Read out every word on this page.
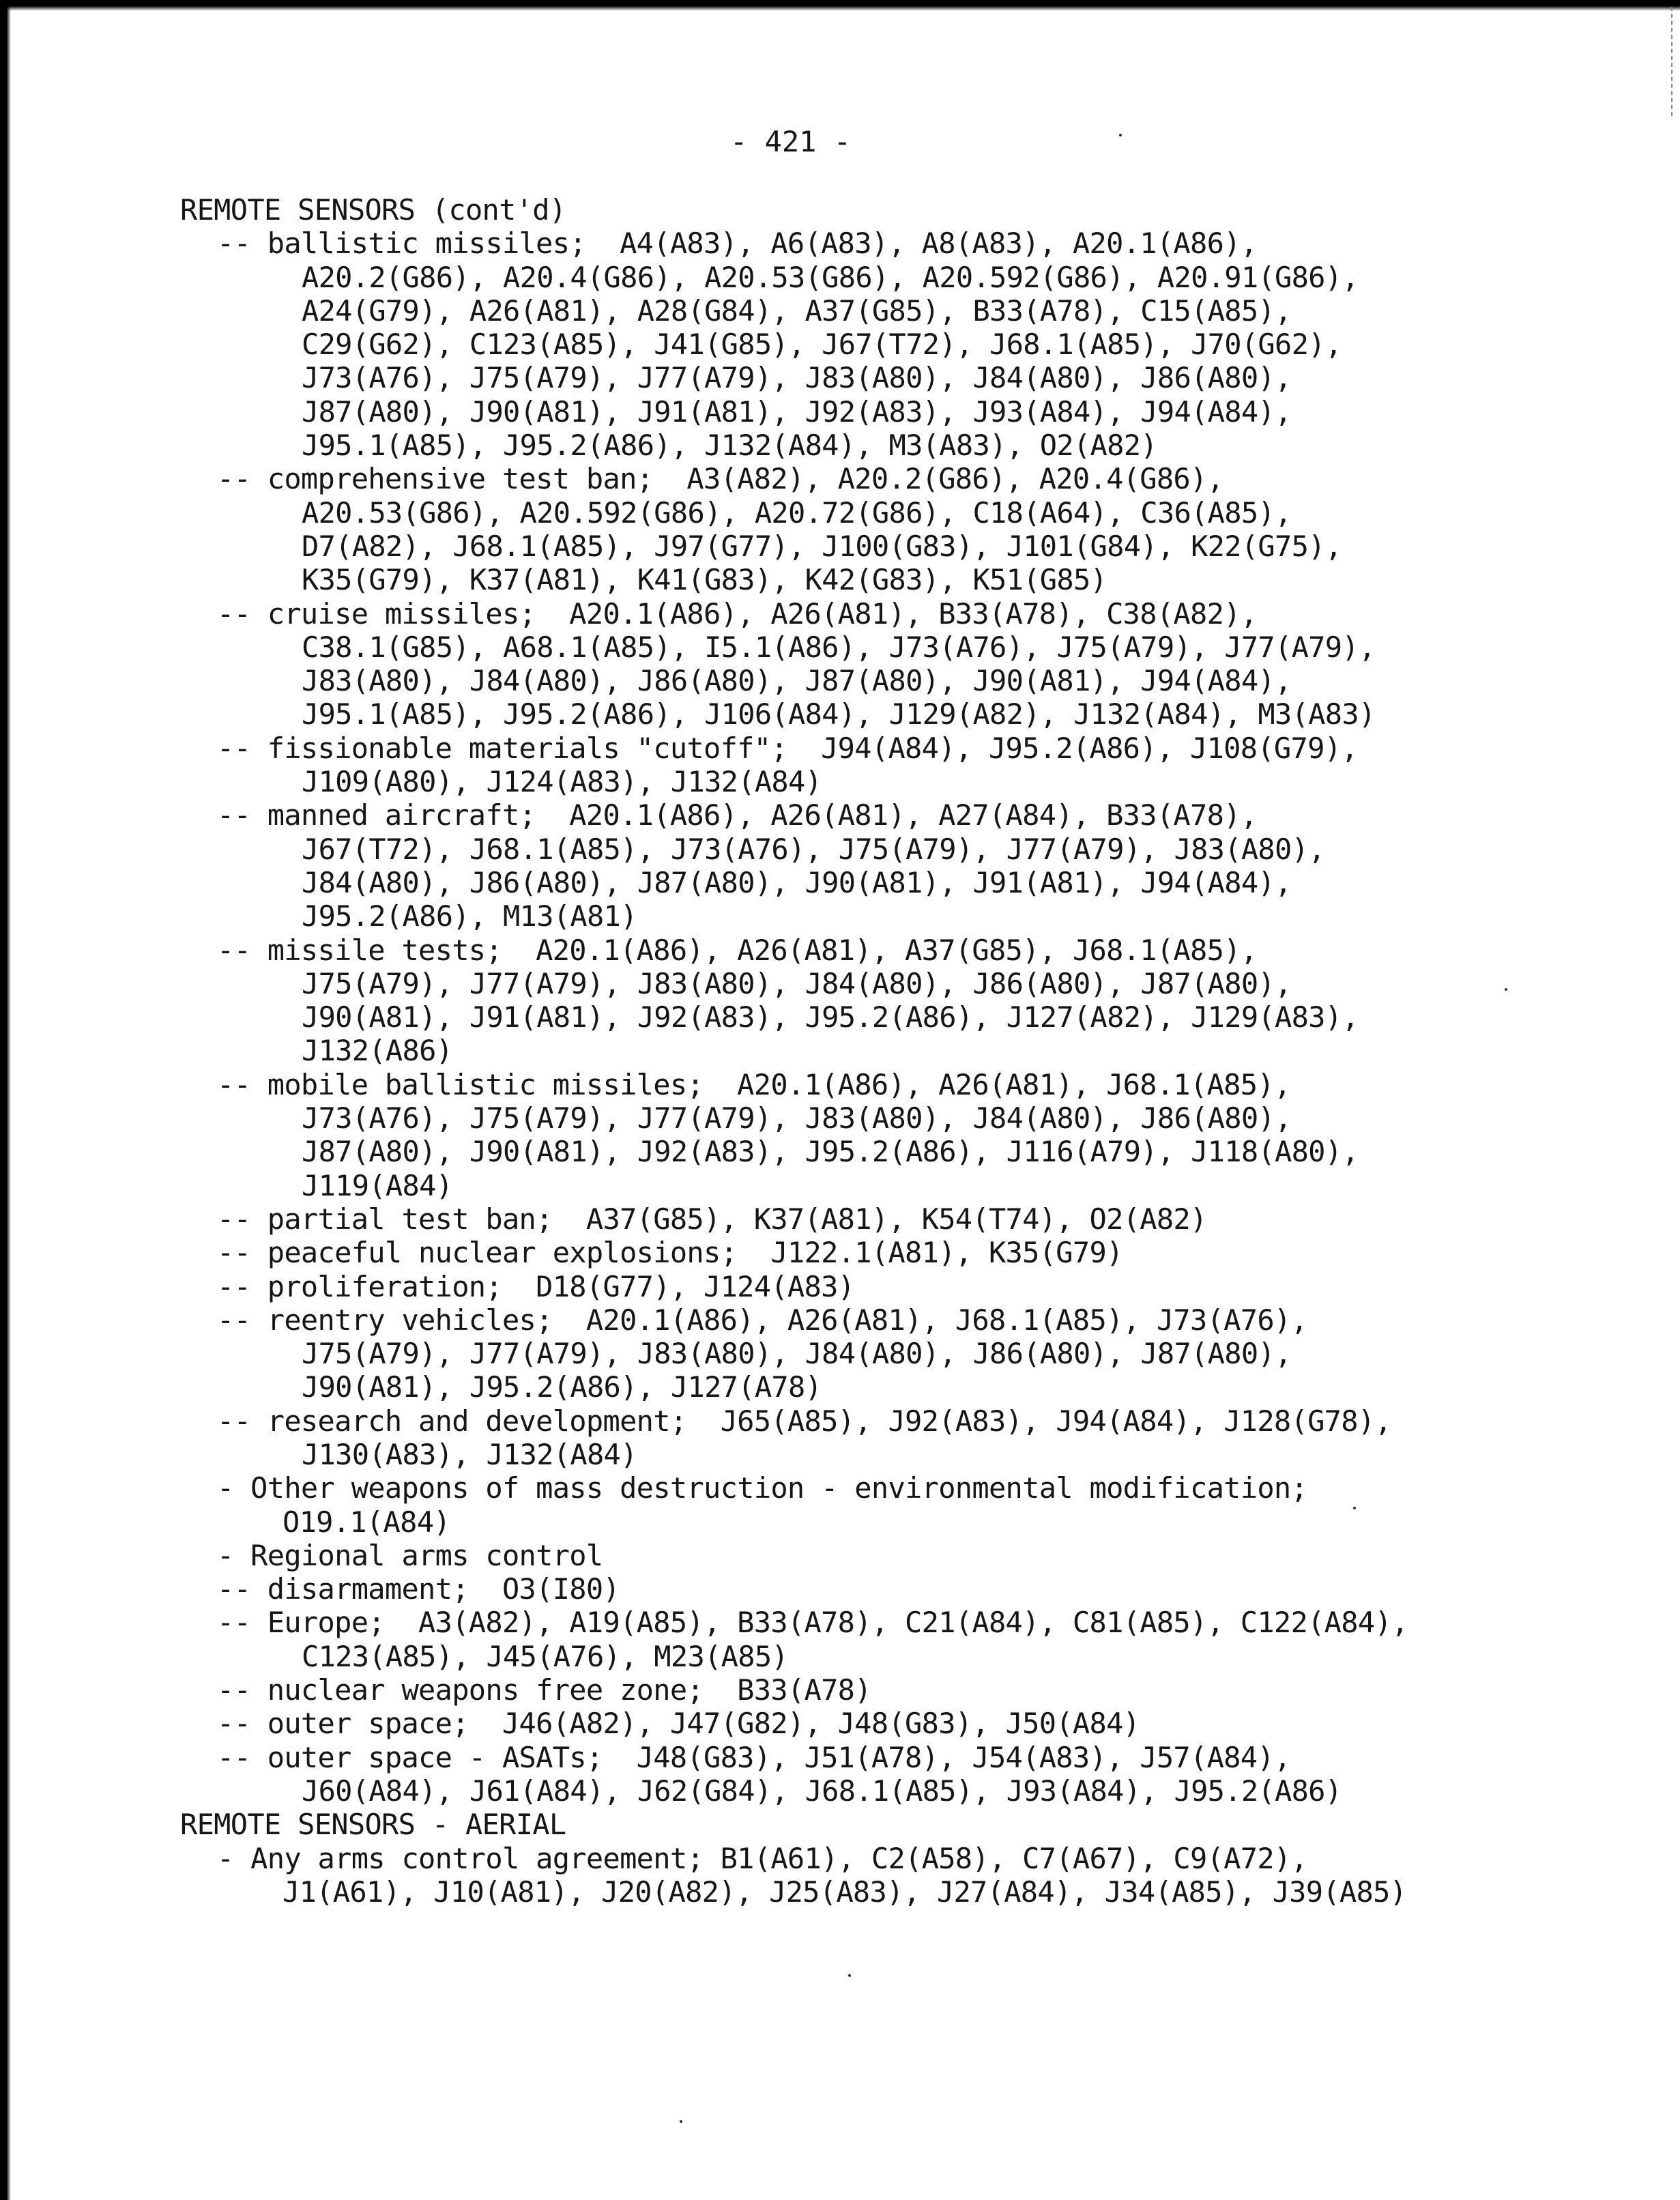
- 421 -
REMOTE SENSORS (cont'd)
-- ballistic missiles;  A4(A83), A6(A83), A8(A83), A20.1(A86),
A20.2(G86), A20.4(G86), A20.53(G86), A20.592(G86), A20.91(G86),
A24(G79), A26(A81), A28(G84), A37(G85), B33(A78), C15(A85),
C29(G62), C123(A85), J41(G85), J67(T72), J68.1(A85), J70(G62),
J73(A76), J75(A79), J77(A79), J83(A80), J84(A80), J86(A80),
J87(A80), J90(A81), J91(A81), J92(A83), J93(A84), J94(A84),
J95.1(A85), J95.2(A86), J132(A84), M3(A83), O2(A82)
-- comprehensive test ban;  A3(A82), A20.2(G86), A20.4(G86),
A20.53(G86), A20.592(G86), A20.72(G86), C18(A64), C36(A85),
D7(A82), J68.1(A85), J97(G77), J100(G83), J101(G84), K22(G75),
K35(G79), K37(A81), K41(G83), K42(G83), K51(G85)
-- cruise missiles;  A20.1(A86), A26(A81), B33(A78), C38(A82),
C38.1(G85), A68.1(A85), I5.1(A86), J73(A76), J75(A79), J77(A79),
J83(A80), J84(A80), J86(A80), J87(A80), J90(A81), J94(A84),
J95.1(A85), J95.2(A86), J106(A84), J129(A82), J132(A84), M3(A83)
-- fissionable materials "cutoff";  J94(A84), J95.2(A86), J108(G79),
J109(A80), J124(A83), J132(A84)
-- manned aircraft;  A20.1(A86), A26(A81), A27(A84), B33(A78),
J67(T72), J68.1(A85), J73(A76), J75(A79), J77(A79), J83(A80),
J84(A80), J86(A80), J87(A80), J90(A81), J91(A81), J94(A84),
J95.2(A86), M13(A81)
-- missile tests;  A20.1(A86), A26(A81), A37(G85), J68.1(A85),
J75(A79), J77(A79), J83(A80), J84(A80), J86(A80), J87(A80),
J90(A81), J91(A81), J92(A83), J95.2(A86), J127(A82), J129(A83),
J132(A86)
-- mobile ballistic missiles;  A20.1(A86), A26(A81), J68.1(A85),
J73(A76), J75(A79), J77(A79), J83(A80), J84(A80), J86(A80),
J87(A80), J90(A81), J92(A83), J95.2(A86), J116(A79), J118(A80),
J119(A84)
-- partial test ban;  A37(G85), K37(A81), K54(T74), O2(A82)
-- peaceful nuclear explosions;  J122.1(A81), K35(G79)
-- proliferation;  D18(G77), J124(A83)
-- reentry vehicles;  A20.1(A86), A26(A81), J68.1(A85), J73(A76),
J75(A79), J77(A79), J83(A80), J84(A80), J86(A80), J87(A80),
J90(A81), J95.2(A86), J127(A78)
-- research and development;  J65(A85), J92(A83), J94(A84), J128(G78),
J130(A83), J132(A84)
- Other weapons of mass destruction - environmental modification;
O19.1(A84)
- Regional arms control
-- disarmament;  O3(I80)
-- Europe;  A3(A82), A19(A85), B33(A78), C21(A84), C81(A85), C122(A84),
C123(A85), J45(A76), M23(A85)
-- nuclear weapons free zone;  B33(A78)
-- outer space;  J46(A82), J47(G82), J48(G83), J50(A84)
-- outer space - ASATs;  J48(G83), J51(A78), J54(A83), J57(A84),
J60(A84), J61(A84), J62(G84), J68.1(A85), J93(A84), J95.2(A86)
REMOTE SENSORS - AERIAL
- Any arms control agreement; B1(A61), C2(A58), C7(A67), C9(A72),
J1(A61), J10(A81), J20(A82), J25(A83), J27(A84), J34(A85), J39(A85)
